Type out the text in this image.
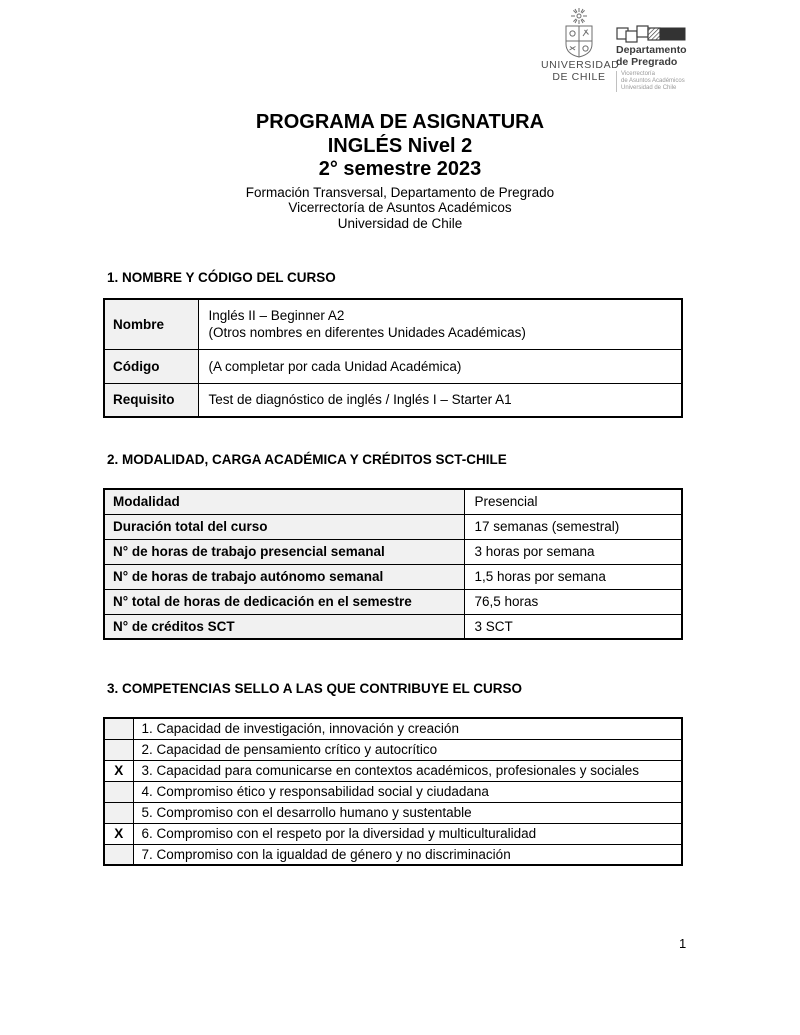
UNIVERSIDAD
DE CHILE
Departamento
de Pregrado
Vicerrectoría
de Asuntos Académicos
Universidad de Chile
PROGRAMA DE ASIGNATURA
INGLÉS Nivel 2
2° semestre 2023
Formación Transversal, Departamento de Pregrado
Vicerrectoría de Asuntos Académicos
Universidad de Chile
1. NOMBRE Y CÓDIGO DEL CURSO
Nombre	Inglés II – Beginner A2
(Otros nombres en diferentes Unidades Académicas)

Código	(A completar por cada Unidad Académica)
Requisito	Test de diagnóstico de inglés / Inglés I – Starter A1
2. MODALIDAD, CARGA ACADÉMICA Y CRÉDITOS SCT-CHILE
Modalidad	Presencial
Duración total del curso	17 semanas (semestral)
N° de horas de trabajo presencial semanal	3 horas por semana
N° de horas de trabajo autónomo semanal	1,5 horas por semana
N° total de horas de dedicación en el semestre	76,5 horas
N° de créditos SCT	3 SCT
3. COMPETENCIAS SELLO A LAS QUE CONTRIBUYE EL CURSO
	1. Capacidad de investigación, innovación y creación
	2. Capacidad de pensamiento crítico y autocrítico
X	3. Capacidad para comunicarse en contextos académicos, profesionales y sociales
	4. Compromiso ético y responsabilidad social y ciudadana
	5. Compromiso con el desarrollo humano y sustentable
X	6. Compromiso con el respeto por la diversidad y multiculturalidad
	7. Compromiso con la igualdad de género y no discriminación
1
